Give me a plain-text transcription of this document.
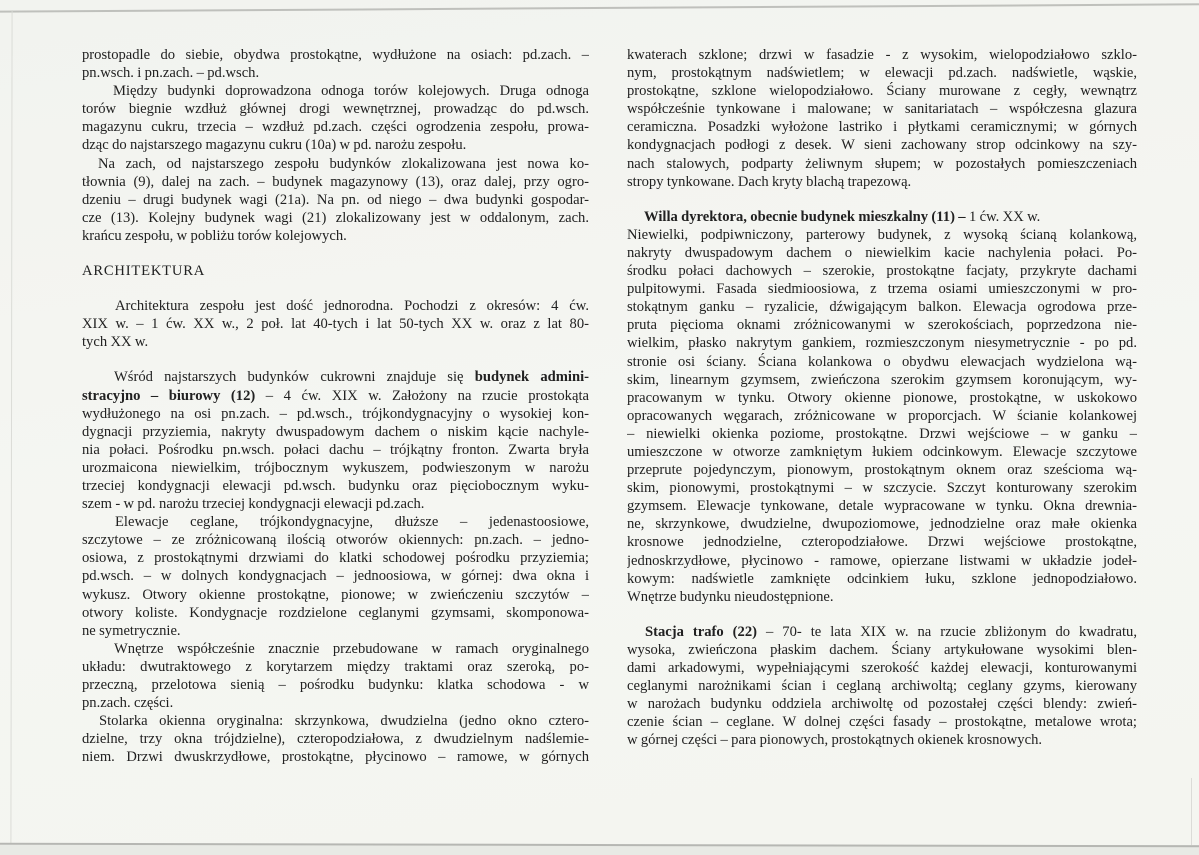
prostopadle do siebie, obydwa prostokątne, wydłużone na osiach: pd.zach. –
pn.wsch. i pn.zach. – pd.wsch.
Między budynki doprowadzona odnoga torów kolejowych. Druga odnoga
torów biegnie wzdłuż głównej drogi wewnętrznej, prowadząc do pd.wsch.
magazynu cukru, trzecia – wzdłuż pd.zach. części ogrodzenia zespołu, prowa-
dząc do najstarszego magazynu cukru (10a) w pd. narożu zespołu.
Na zach, od najstarszego zespołu budynków zlokalizowana jest nowa ko-
tłownia (9), dalej na zach. – budynek magazynowy (13), oraz dalej, przy ogro-
dzeniu – drugi budynek wagi (21a). Na pn. od niego – dwa budynki gospodar-
cze (13). Kolejny budynek wagi (21) zlokalizowany jest w oddalonym, zach.
krańcu zespołu, w pobliżu torów kolejowych.
ARCHITEKTURA
Architektura zespołu jest dość jednorodna. Pochodzi z okresów: 4 ćw.
XIX w. – 1 ćw. XX w., 2 poł. lat 40-tych i lat 50-tych XX w. oraz z lat 80-
tych XX w.
Wśród najstarszych budynków cukrowni znajduje się budynek admini-
stracyjno – biurowy (12) – 4 ćw. XIX w. Założony na rzucie prostokąta
wydłużonego na osi pn.zach. – pd.wsch., trójkondygnacyjny o wysokiej kon-
dygnacji przyziemia, nakryty dwuspadowym dachem o niskim kącie nachyle-
nia połaci. Pośrodku pn.wsch. połaci dachu – trójkątny fronton. Zwarta bryła
urozmaicona niewielkim, trójbocznym wykuszem, podwieszonym w narożu
trzeciej kondygnacji elewacji pd.wsch. budynku oraz pięciobocznym wyku-
szem - w pd. narożu trzeciej kondygnacji elewacji pd.zach.
Elewacje ceglane, trójkondygnacyjne, dłuższe – jedenastoosiowe,
szczytowe – ze zróżnicowaną ilością otworów okiennych: pn.zach. – jedno-
osiowa, z prostokątnymi drzwiami do klatki schodowej pośrodku przyziemia;
pd.wsch. – w dolnych kondygnacjach – jednoosiowa, w górnej: dwa okna i
wykusz. Otwory okienne prostokątne, pionowe; w zwieńczeniu szczytów –
otwory koliste. Kondygnacje rozdzielone ceglanymi gzymsami, skomponowa-
ne symetrycznie.
Wnętrze współcześnie znacznie przebudowane w ramach oryginalnego
układu: dwutraktowego z korytarzem między traktami oraz szeroką, po-
przeczną, przelotowa sienią – pośrodku budynku: klatka schodowa - w
pn.zach. części.
Stolarka okienna oryginalna: skrzynkowa, dwudzielna (jedno okno cztero-
dzielne, trzy okna trójdzielne), czteropodziałowa, z dwudzielnym nadślemie-
niem. Drzwi dwuskrzydłowe, prostokątne, płycinowo – ramowe, w górnych
kwaterach szklone; drzwi w fasadzie - z wysokim, wielopodziałowo szklo-
nym, prostokątnym nadświetlem; w elewacji pd.zach. nadświetle, wąskie,
prostokątne, szklone wielopodziałowo. Ściany murowane z cegły, wewnątrz
współcześnie tynkowane i malowane; w sanitariatach – współczesna glazura
ceramiczna. Posadzki wyłożone lastriko i płytkami ceramicznymi; w górnych
kondygnacjach podłogi z desek. W sieni zachowany strop odcinkowy na szy-
nach stalowych, podparty żeliwnym słupem; w pozostałych pomieszczeniach
stropy tynkowane. Dach kryty blachą trapezową.
Willa dyrektora, obecnie budynek mieszkalny (11) – 1 ćw. XX w.
Niewielki, podpiwniczony, parterowy budynek, z wysoką ścianą kolankową,
nakryty dwuspadowym dachem o niewielkim kacie nachylenia połaci. Po-
środku połaci dachowych – szerokie, prostokątne facjaty, przykryte dachami
pulpitowymi. Fasada siedmioosiowa, z trzema osiami umieszczonymi w pro-
stokątnym ganku – ryzalicie, dźwigającym balkon. Elewacja ogrodowa prze-
pruta pięcioma oknami zróżnicowanymi w szerokościach, poprzedzona nie-
wielkim, płasko nakrytym gankiem, rozmieszczonym niesymetrycznie - po pd.
stronie osi ściany. Ściana kolankowa o obydwu elewacjach wydzielona wą-
skim, linearnym gzymsem, zwieńczona szerokim gzymsem koronującym, wy-
pracowanym w tynku. Otwory okienne pionowe, prostokątne, w uskokowo
opracowanych węgarach, zróżnicowane w proporcjach. W ścianie kolankowej
– niewielki okienka poziome, prostokątne. Drzwi wejściowe – w ganku –
umieszczone w otworze zamkniętym łukiem odcinkowym. Elewacje szczytowe
przeprute pojedynczym, pionowym, prostokątnym oknem oraz sześcioma wą-
skim, pionowymi, prostokątnymi – w szczycie. Szczyt konturowany szerokim
gzymsem. Elewacje tynkowane, detale wypracowane w tynku. Okna drewnia-
ne, skrzynkowe, dwudzielne, dwupoziomowe, jednodzielne oraz małe okienka
krosnowe jednodzielne, czteropodziałowe. Drzwi wejściowe prostokątne,
jednoskrzydłowe, płycinowo - ramowe, opierzane listwami w układzie jodeł-
kowym: nadświetle zamknięte odcinkiem łuku, szklone jednopodziałowo.
Wnętrze budynku nieudostępnione.
Stacja trafo (22) – 70- te lata XIX w. na rzucie zbliżonym do kwadratu,
wysoka, zwieńczona płaskim dachem. Ściany artykułowane wysokimi blen-
dami arkadowymi, wypełniającymi szerokość każdej elewacji, konturowanymi
ceglanymi narożnikami ścian i ceglaną archiwoltą; ceglany gzyms, kierowany
w narożach budynku oddziela archiwoltę od pozostałej części blendy: zwień-
czenie ścian – ceglane. W dolnej części fasady – prostokątne, metalowe wrota;
w górnej części – para pionowych, prostokątnych okienek krosnowych.
